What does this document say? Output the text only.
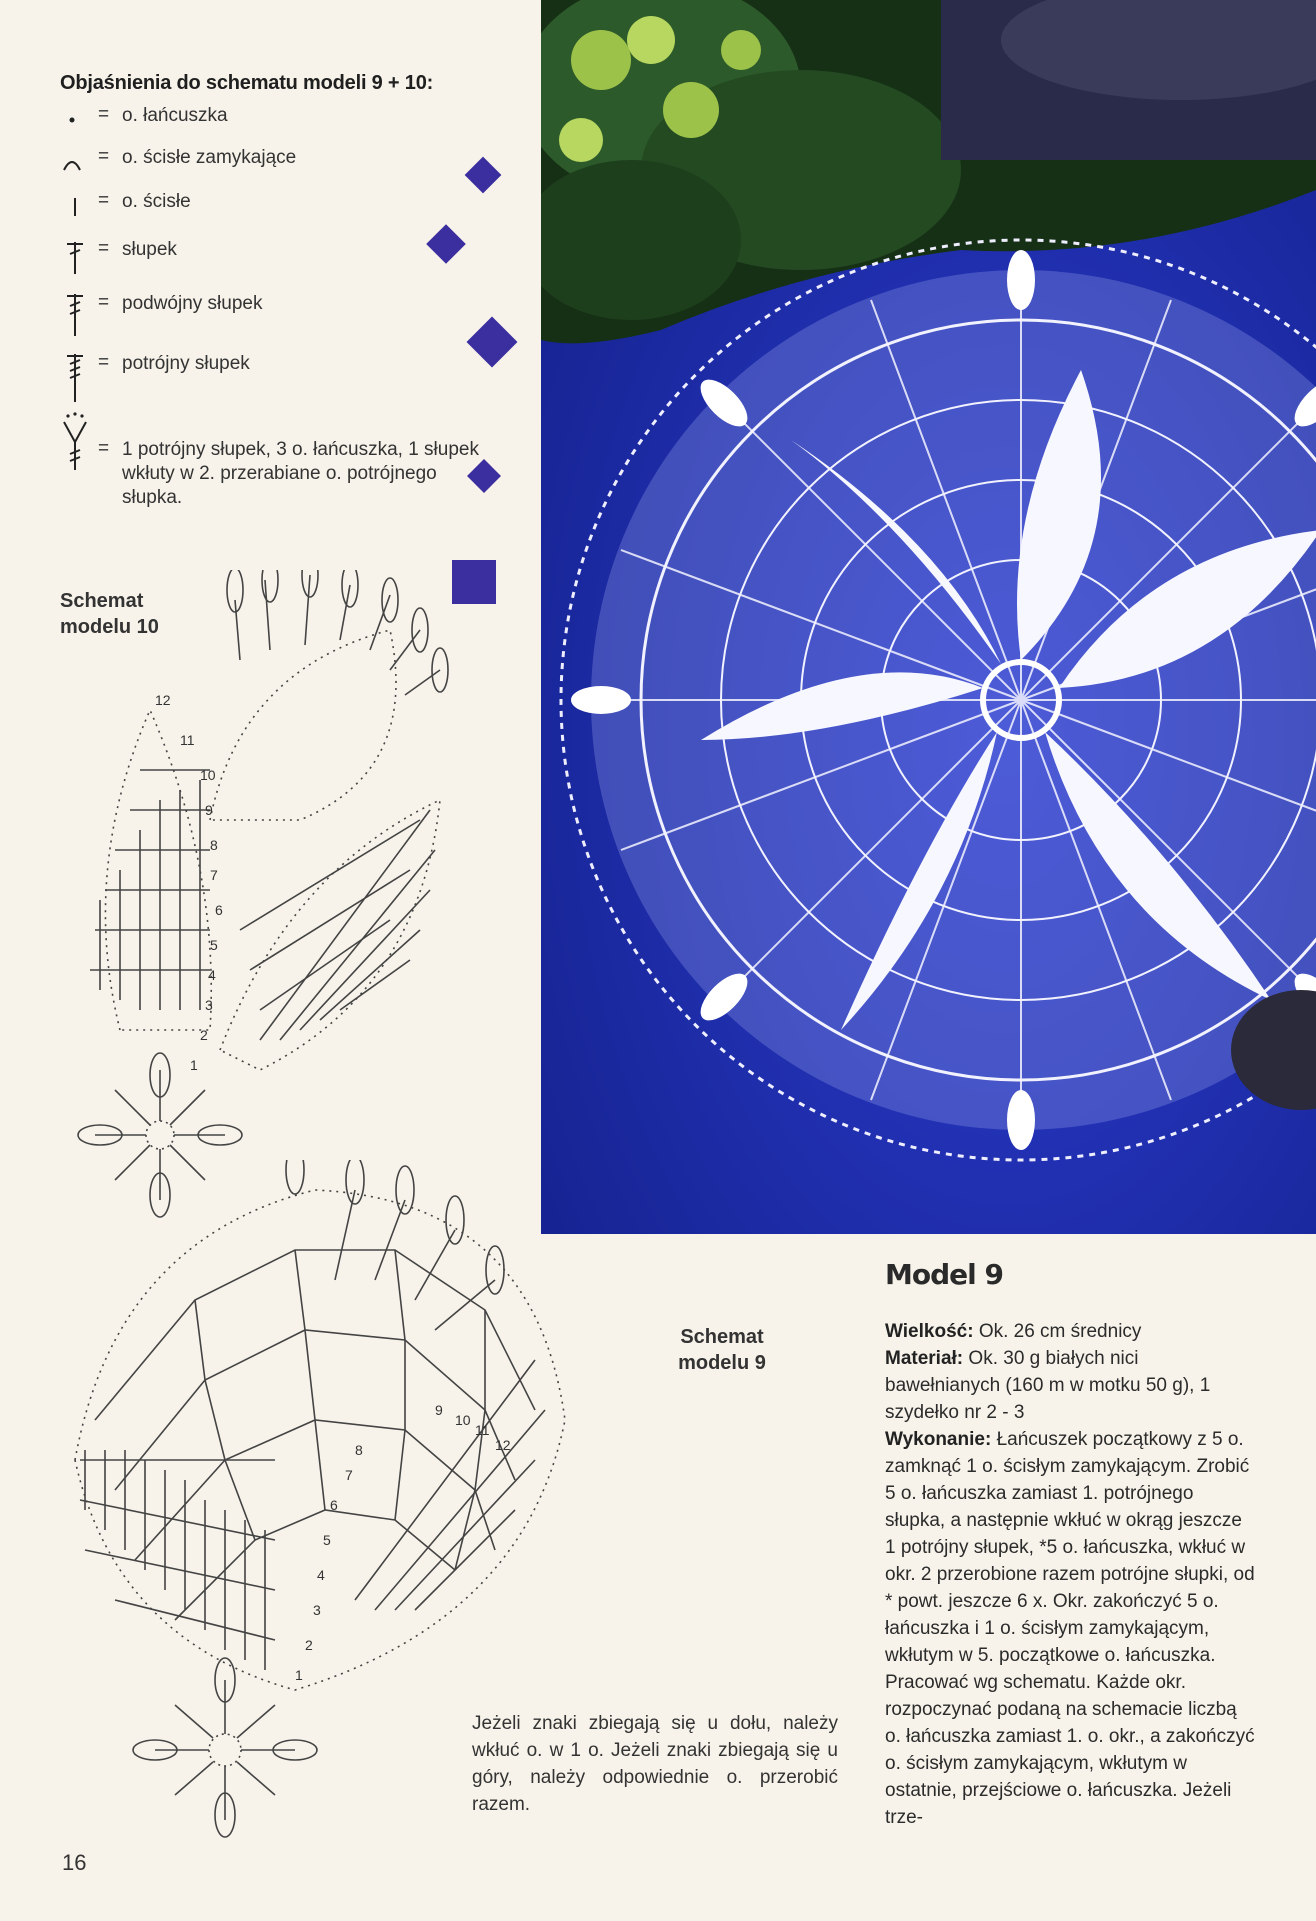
Objaśnienia do schematu modeli 9 + 10:
= o. łańcuszka
= o. ścisłe zamykające
= o. ścisłe
= słupek
= podwójny słupek
= potrójny słupek
= 1 potrójny słupek, 3 o. łańcuszka, 1 słupek wkłuty w 2. przerabiane o. potrójnego słupka.
Schemat
modelu 10
12
11
10
9
8
7
6
5
4
3
2
1
12
11
10
9
8
7
6
5
4
3
2
1
Schemat
modelu 9
Model 9
Wielkość: Ok. 26 cm średnicy
Materiał: Ok. 30 g białych nici bawełnianych (160 m w motku 50 g), 1 szydełko nr 2 - 3
Wykonanie: Łańcuszek początkowy z 5 o. zamknąć 1 o. ścisłym zamykającym. Zrobić 5 o. łańcuszka zamiast 1. potrójnego słupka, a następnie wkłuć w okrąg jeszcze 1 potrójny słupek, *5 o. łańcuszka, wkłuć w okr. 2 przerobione razem potrójne słupki, od * powt. jeszcze 6 x. Okr. zakończyć 5 o. łańcuszka i 1 o. ścisłym zamykającym, wkłutym w 5. początkowe o. łańcuszka. Pracować wg schematu. Każde okr. rozpoczynać podaną na schemacie liczbą o. łańcuszka zamiast 1. o. okr., a zakończyć o. ścisłym zamykającym, wkłutym w ostatnie, przejściowe o. łańcuszka. Jeżeli trze-
Jeżeli znaki zbiegają się u dołu, należy wkłuć o. w 1 o. Jeżeli znaki zbiegają się u góry, należy odpowiednie o. przerobić razem.
16
